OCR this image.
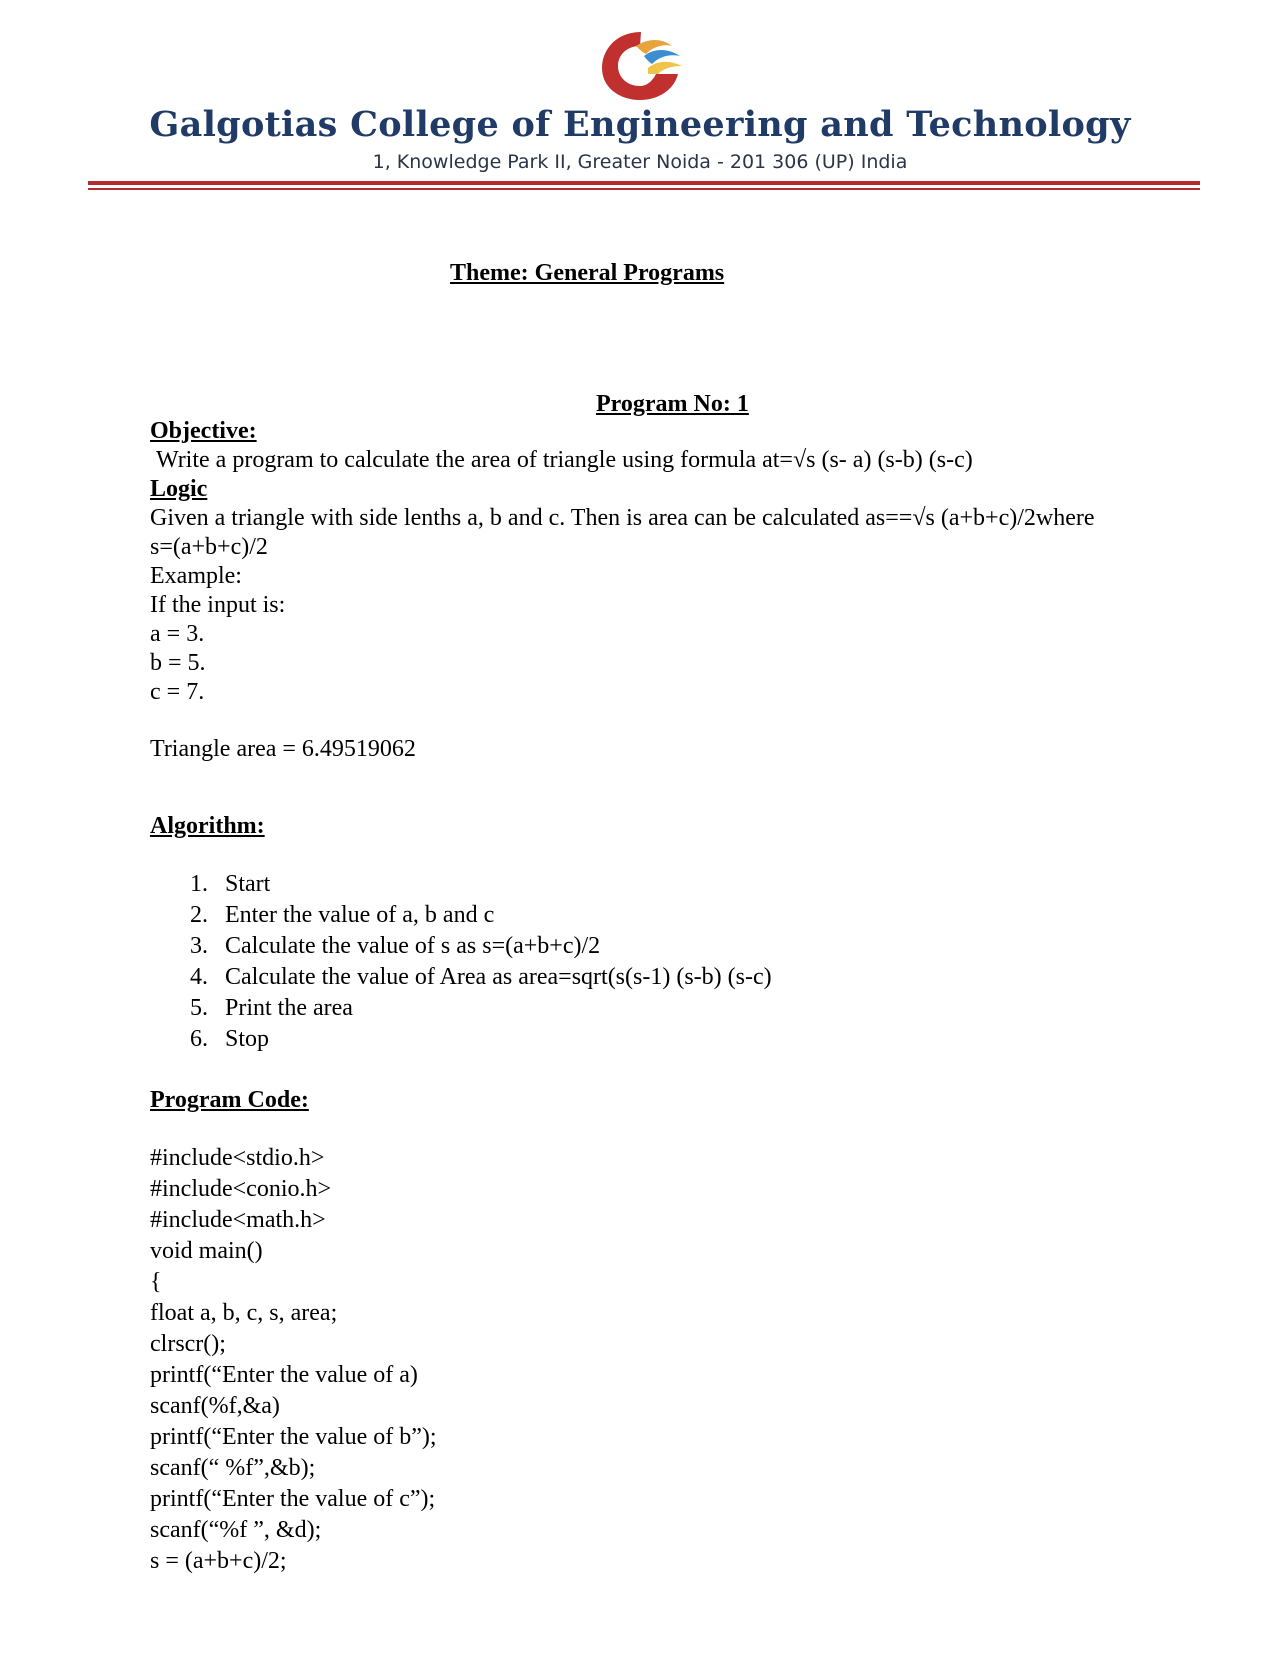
Galgotias College of Engineering and Technology
1, Knowledge Park II, Greater Noida - 201 306 (UP) India
Theme: General Programs
Program No: 1
Objective:
Write a program to calculate the area of triangle using formula at=√s (s- a) (s-b) (s-c)
Logic
Given a triangle with side lenths a, b and c. Then is area can be calculated as==√s (a+b+c)/2where
s=(a+b+c)/2
Example:
If the input is:
a = 3.
b = 5.
c = 7.
Triangle area = 6.49519062
Algorithm:
1. Start
2. Enter the value of a, b and c
3. Calculate the value of s as s=(a+b+c)/2
4. Calculate the value of Area as area=sqrt(s(s-1) (s-b) (s-c)
5. Print the area
6. Stop
Program Code:
#include<stdio.h>
#include<conio.h>
#include<math.h>
void main()
{
float a, b, c, s, area;
clrscr();
printf(“Enter the value of a)
scanf(%f,&a)
printf(“Enter the value of b”);
scanf(“ %f”,&b);
printf(“Enter the value of c”);
scanf(“%f ”, &d);
s = (a+b+c)/2;
